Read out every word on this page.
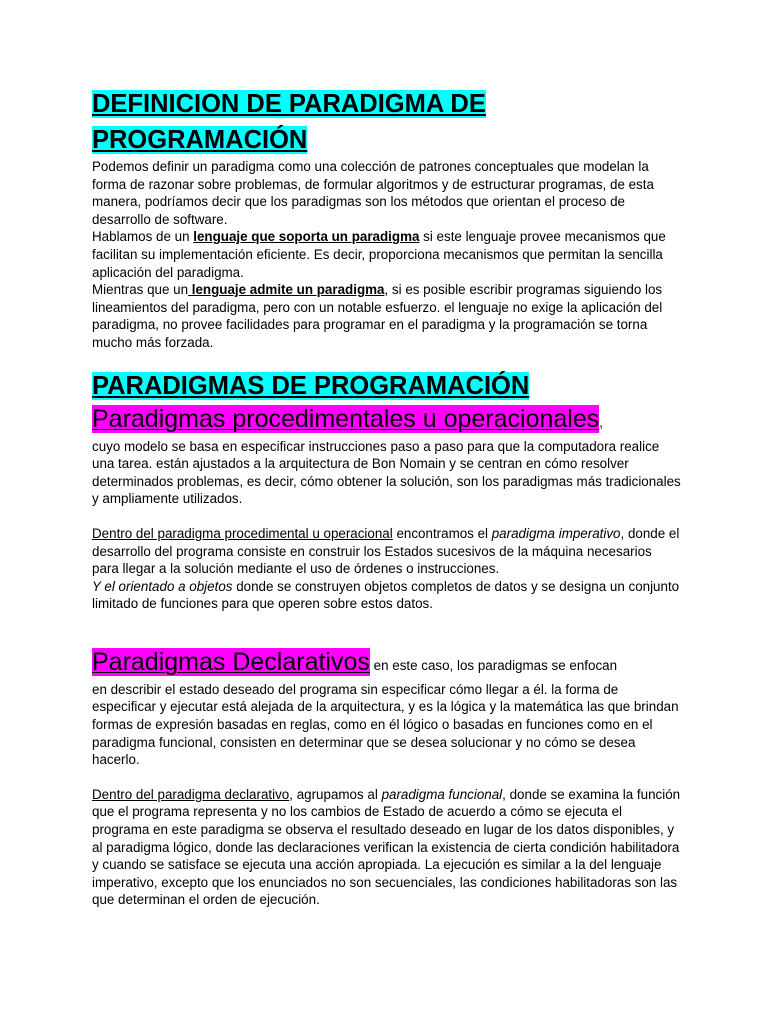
DEFINICION DE PARADIGMA DE
PROGRAMACIÓN

Podemos definir un paradigma como una colección de patrones conceptuales que modelan la forma de razonar sobre problemas, de formular algoritmos y de estructurar programas, de esta manera, podríamos decir que los paradigmas son los métodos que orientan el proceso de desarrollo de software.

Hablamos de un lenguaje que soporta un paradigma si este lenguaje provee mecanismos que facilitan su implementación eficiente. Es decir, proporciona mecanismos que permitan la sencilla aplicación del paradigma.

Mientras que un lenguaje admite un paradigma, si es posible escribir programas siguiendo los lineamientos del paradigma, pero con un notable esfuerzo. el lenguaje no exige la aplicación del paradigma, no provee facilidades para programar en el paradigma y la programación se torna mucho más forzada.

PARADIGMAS DE PROGRAMACIÓN

Paradigmas procedimentales u operacionales,

cuyo modelo se basa en especificar instrucciones paso a paso para que la computadora realice una tarea. están ajustados a la arquitectura de Bon Nomain y se centran en cómo resolver determinados problemas, es decir, cómo obtener la solución, son los paradigmas más tradicionales y ampliamente utilizados.

Dentro del paradigma procedimental u operacional encontramos el paradigma imperativo, donde el desarrollo del programa consiste en construir los Estados sucesivos de la máquina necesarios para llegar a la solución mediante el uso de órdenes o instrucciones.

Y el orientado a objetos donde se construyen objetos completos de datos y se designa un conjunto limitado de funciones para que operen sobre estos datos.

Paradigmas Declarativos en este caso, los paradigmas se enfocan

en describir el estado deseado del programa sin especificar cómo llegar a él. la forma de especificar y ejecutar está alejada de la arquitectura, y es la lógica y la matemática las que brindan formas de expresión basadas en reglas, como en él lógico o basadas en funciones como en el paradigma funcional, consisten en determinar que se desea solucionar y no cómo se desea hacerlo.

Dentro del paradigma declarativo, agrupamos al paradigma funcional, donde se examina la función que el programa representa y no los cambios de Estado de acuerdo a cómo se ejecuta el programa en este paradigma se observa el resultado deseado en lugar de los datos disponibles, y al paradigma lógico, donde las declaraciones verifican la existencia de cierta condición habilitadora y cuando se satisface se ejecuta una acción apropiada. La ejecución es similar a la del lenguaje imperativo, excepto que los enunciados no son secuenciales, las condiciones habilitadoras son las que determinan el orden de ejecución.
